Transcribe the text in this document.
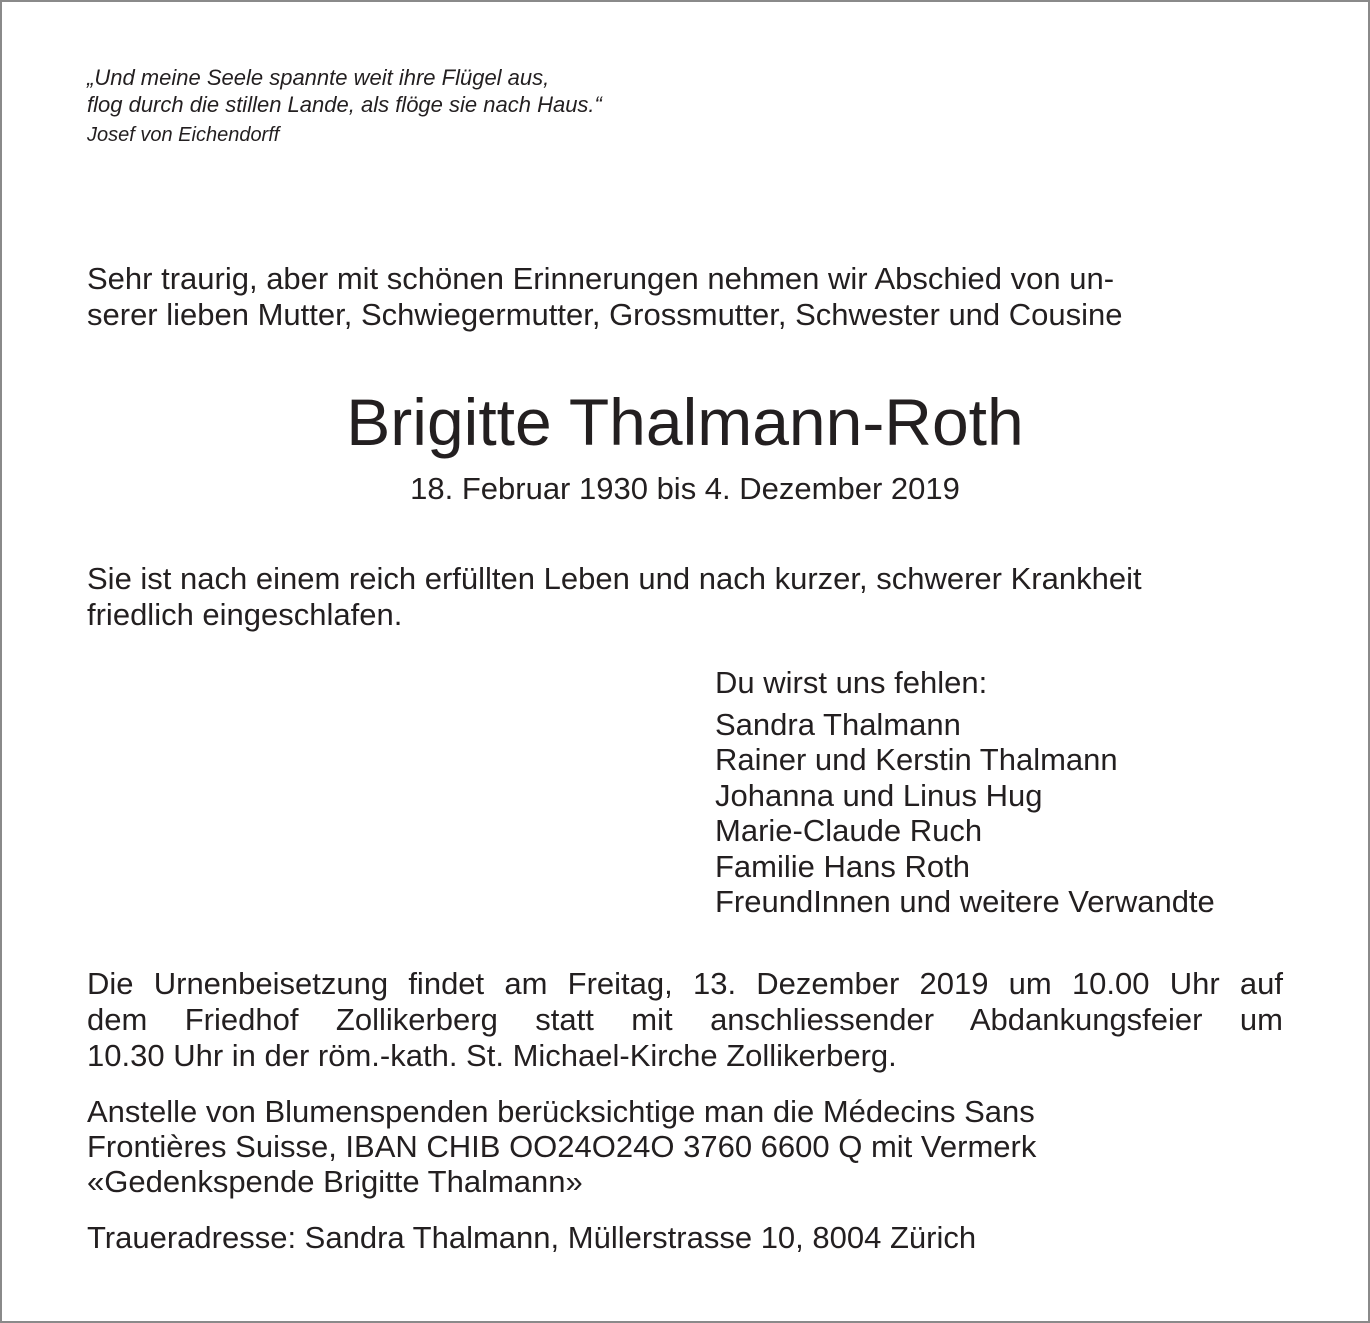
„Und meine Seele spannte weit ihre Flügel aus,
flog durch die stillen Lande, als flöge sie nach Haus.“
Josef von Eichendorff
Sehr traurig, aber mit schönen Erinnerungen nehmen wir Abschied von un-
serer lieben Mutter, Schwiegermutter, Grossmutter, Schwester und Cousine
Brigitte Thalmann-Roth
18. Februar 1930 bis 4. Dezember 2019
Sie ist nach einem reich erfüllten Leben und nach kurzer, schwerer Krankheit
friedlich eingeschlafen.
Du wirst uns fehlen:
Sandra Thalmann
Rainer und Kerstin Thalmann
Johanna und Linus Hug
Marie-Claude Ruch
Familie Hans Roth
FreundInnen und weitere Verwandte
Die Urnenbeisetzung findet am Freitag, 13. Dezember 2019 um 10.00 Uhr auf
dem Friedhof Zollikerberg statt mit anschliessender Abdankungsfeier um
10.30 Uhr in der röm.-kath. St. Michael-Kirche Zollikerberg.
Anstelle von Blumenspenden berücksichtige man die Médecins Sans
Frontières Suisse, IBAN CHIB OO24O24O 3760 6600 Q mit Vermerk
«Gedenkspende Brigitte Thalmann»
Traueradresse: Sandra Thalmann, Müllerstrasse 10, 8004 Zürich
